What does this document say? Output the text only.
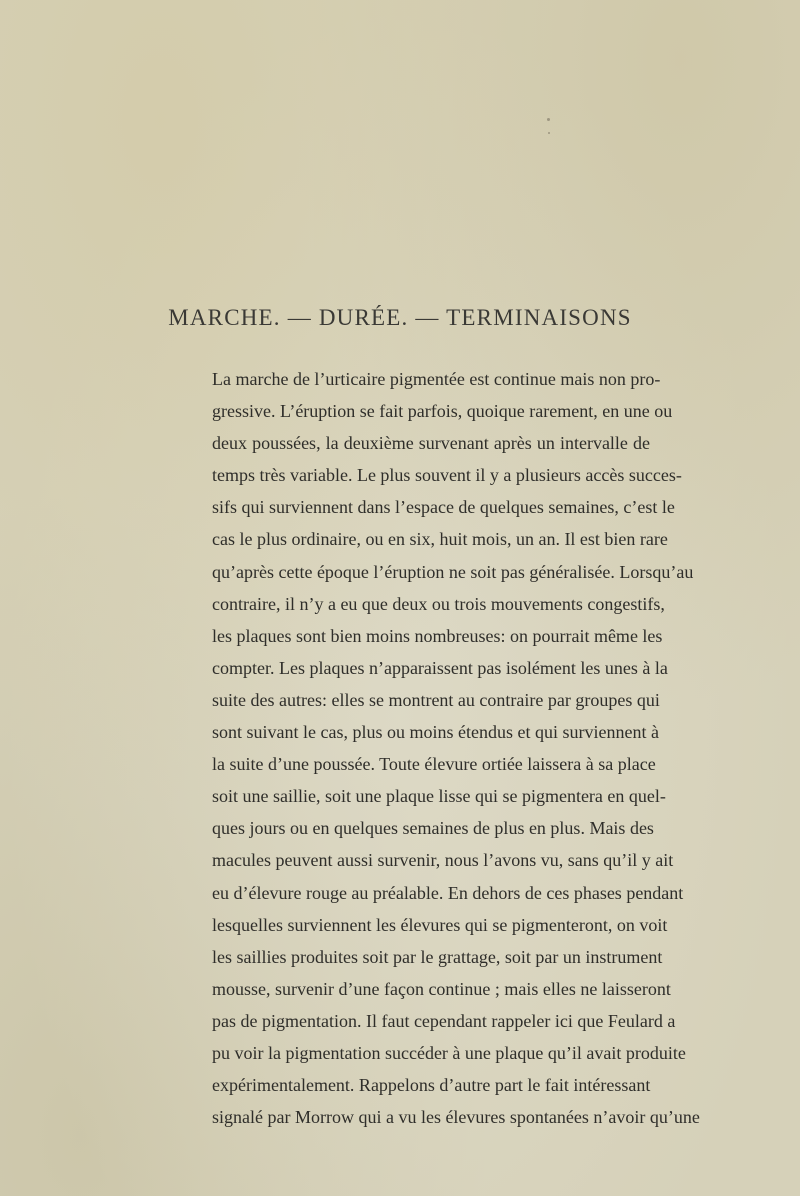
MARCHE. — DURÉE. — TERMINAISONS
La marche de l’urticaire pigmentée est continue mais non pro-
gressive. L’éruption se fait parfois, quoique rarement, en une ou
deux poussées, la deuxième survenant après un intervalle de
temps très variable. Le plus souvent il y a plusieurs accès succes-
sifs qui surviennent dans l’espace de quelques semaines, c’est le
cas le plus ordinaire, ou en six, huit mois, un an. Il est bien rare
qu’après cette époque l’éruption ne soit pas généralisée. Lorsqu’au
contraire, il n’y a eu que deux ou trois mouvements congestifs,
les plaques sont bien moins nombreuses: on pourrait même les
compter. Les plaques n’apparaissent pas isolément les unes à la
suite des autres: elles se montrent au contraire par groupes qui
sont suivant le cas, plus ou moins étendus et qui surviennent à
la suite d’une poussée. Toute élevure ortiée laissera à sa place
soit une saillie, soit une plaque lisse qui se pigmentera en quel-
ques jours ou en quelques semaines de plus en plus. Mais des
macules peuvent aussi survenir, nous l’avons vu, sans qu’il y ait
eu d’élevure rouge au préalable. En dehors de ces phases pendant
lesquelles surviennent les élevures qui se pigmenteront, on voit
les saillies produites soit par le grattage, soit par un instrument
mousse, survenir d’une façon continue ; mais elles ne laisseront
pas de pigmentation. Il faut cependant rappeler ici que Feulard a
pu voir la pigmentation succéder à une plaque qu’il avait produite
expérimentalement. Rappelons d’autre part le fait intéressant
signalé par Morrow qui a vu les élevures spontanées n’avoir qu’une
